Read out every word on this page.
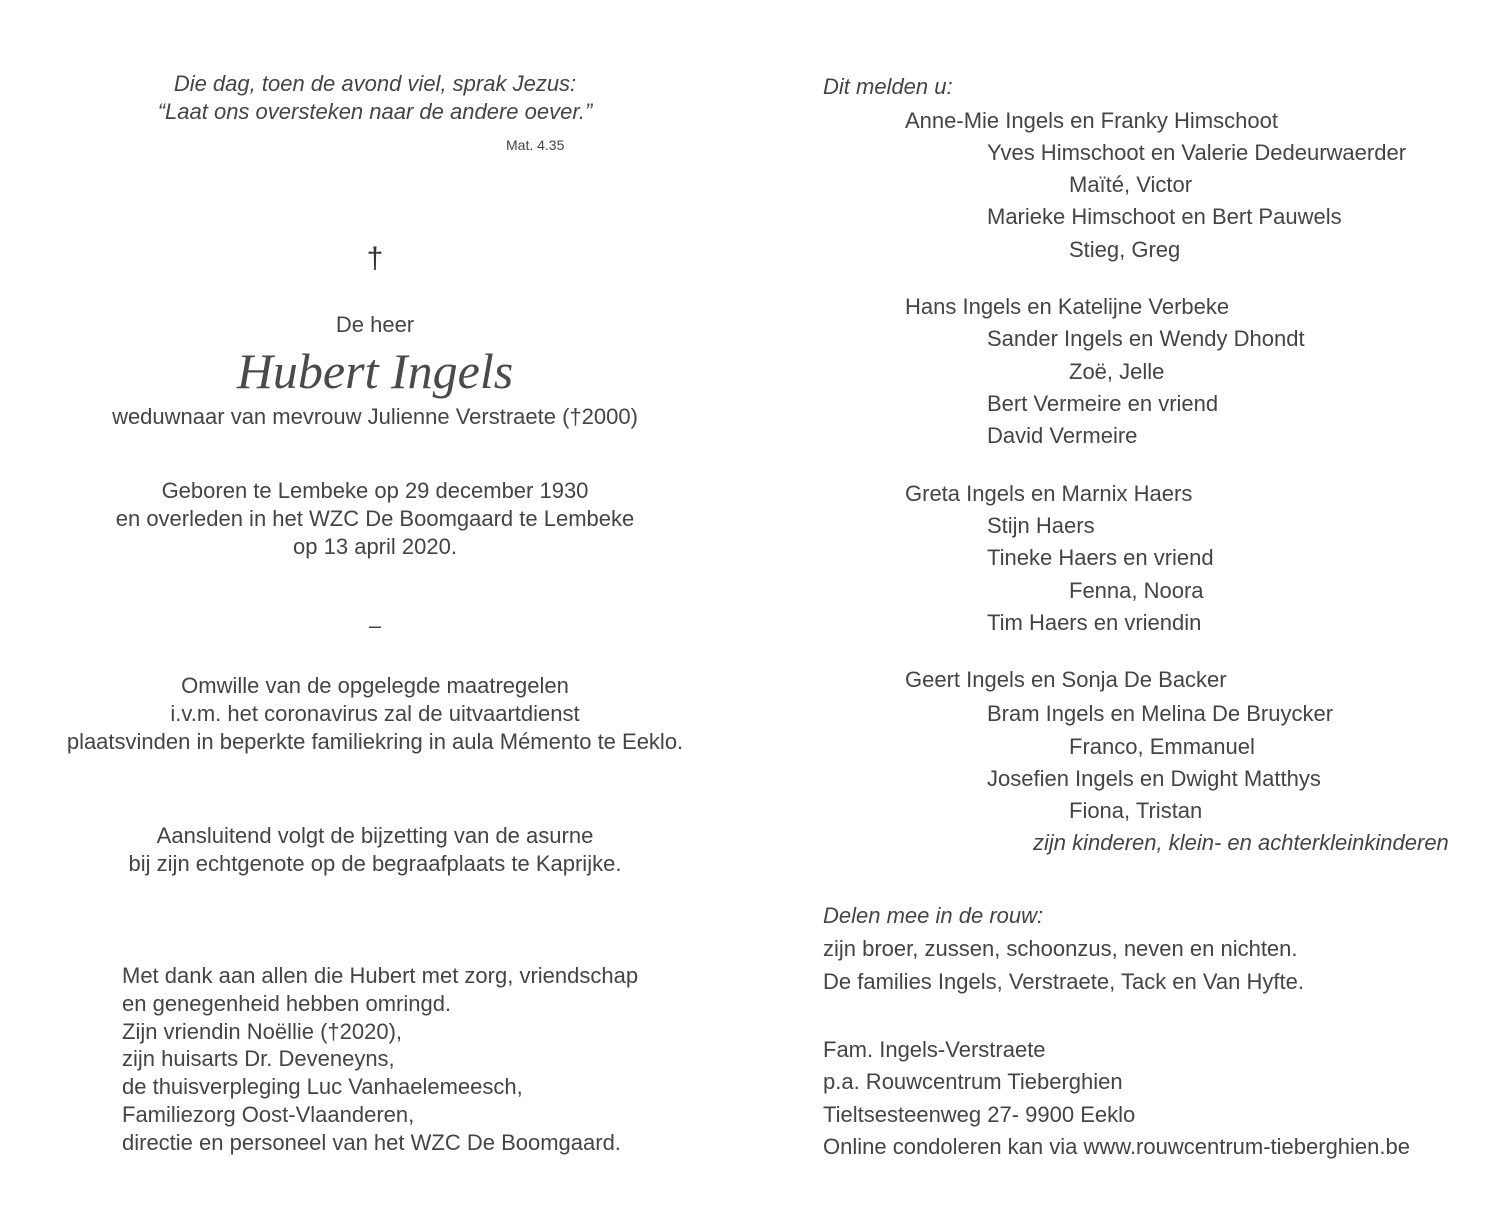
Die dag, toen de avond viel, sprak Jezus:
“Laat ons oversteken naar de andere oever.”
Mat. 4.35
†
De heer
Hubert Ingels
weduwnaar van mevrouw Julienne Verstraete (†2000)
Geboren te Lembeke op 29 december 1930
en overleden in het WZC De Boomgaard te Lembeke
op 13 april 2020.
–
Omwille van de opgelegde maatregelen
i.v.m. het coronavirus zal de uitvaartdienst
plaatsvinden in beperkte familiekring in aula Mémento te Eeklo.
Aansluitend volgt de bijzetting van de asurne
bij zijn echtgenote op de begraafplaats te Kaprijke.
Met dank aan allen die Hubert met zorg, vriendschap
en genegenheid hebben omringd.
Zijn vriendin Noëllie (†2020),
zijn huisarts Dr. Deveneyns,
de thuisverpleging Luc Vanhaelemeesch,
Familiezorg Oost-Vlaanderen,
directie en personeel van het WZC De Boomgaard.
Dit melden u:
Anne-Mie Ingels en Franky Himschoot
Yves Himschoot en Valerie Dedeurwaerder
Maïté, Victor
Marieke Himschoot en Bert Pauwels
Stieg, Greg
Hans Ingels en Katelijne Verbeke
Sander Ingels en Wendy Dhondt
Zoë, Jelle
Bert Vermeire en vriend
David Vermeire
Greta Ingels en Marnix Haers
Stijn Haers
Tineke Haers en vriend
Fenna, Noora
Tim Haers en vriendin
Geert Ingels en Sonja De Backer
Bram Ingels en Melina De Bruycker
Franco, Emmanuel
Josefien Ingels en Dwight Matthys
Fiona, Tristan
zijn kinderen, klein- en achterkleinkinderen
Delen mee in de rouw:
zijn broer, zussen, schoonzus, neven en nichten.
De families Ingels, Verstraete, Tack en Van Hyfte.
Fam. Ingels-Verstraete
p.a. Rouwcentrum Tieberghien
Tieltsesteenweg 27- 9900 Eeklo
Online condoleren kan via www.rouwcentrum-tieberghien.be
